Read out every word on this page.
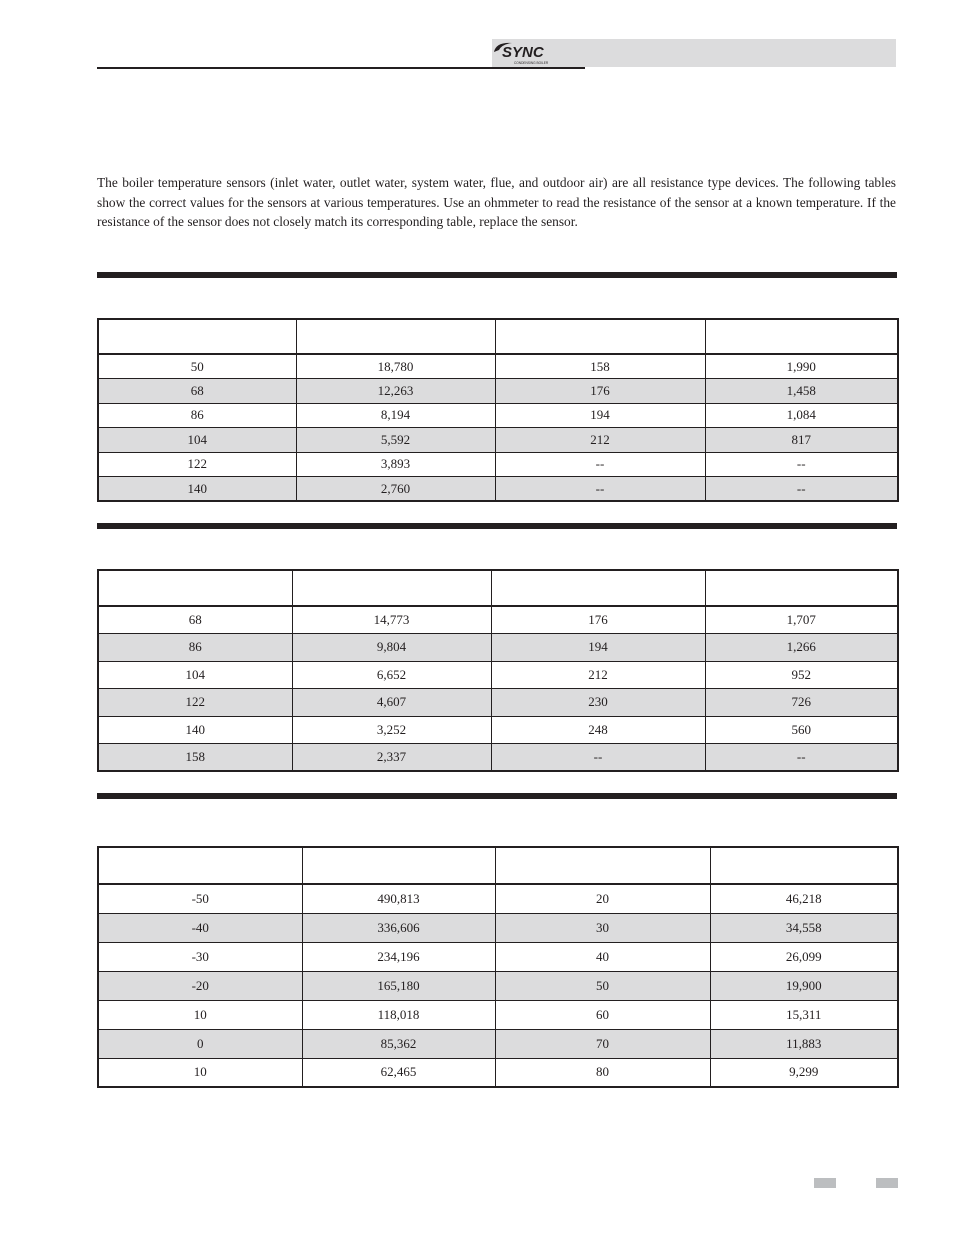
SYNC
CONDENSING BOILER

The boiler temperature sensors (inlet water, outlet water, system water, flue, and outdoor air) are all resistance type devices. The following tables show the correct values for the sensors at various temperatures. Use an ohmmeter to read the resistance of the sensor at a known temperature. If the resistance of the sensor does not closely match its corresponding table, replace the sensor.

50	18,780	158	1,990
68	12,263	176	1,458
86	8,194	194	1,084
104	5,592	212	817
122	3,893	--	--
140	2,760	--	--

68	14,773	176	1,707
86	9,804	194	1,266
104	6,652	212	952
122	4,607	230	726
140	3,252	248	560
158	2,337	--	--

-50	490,813	20	46,218
-40	336,606	30	34,558
-30	234,196	40	26,099
-20	165,180	50	19,900
10	118,018	60	15,311
0	85,362	70	11,883
10	62,465	80	9,299
